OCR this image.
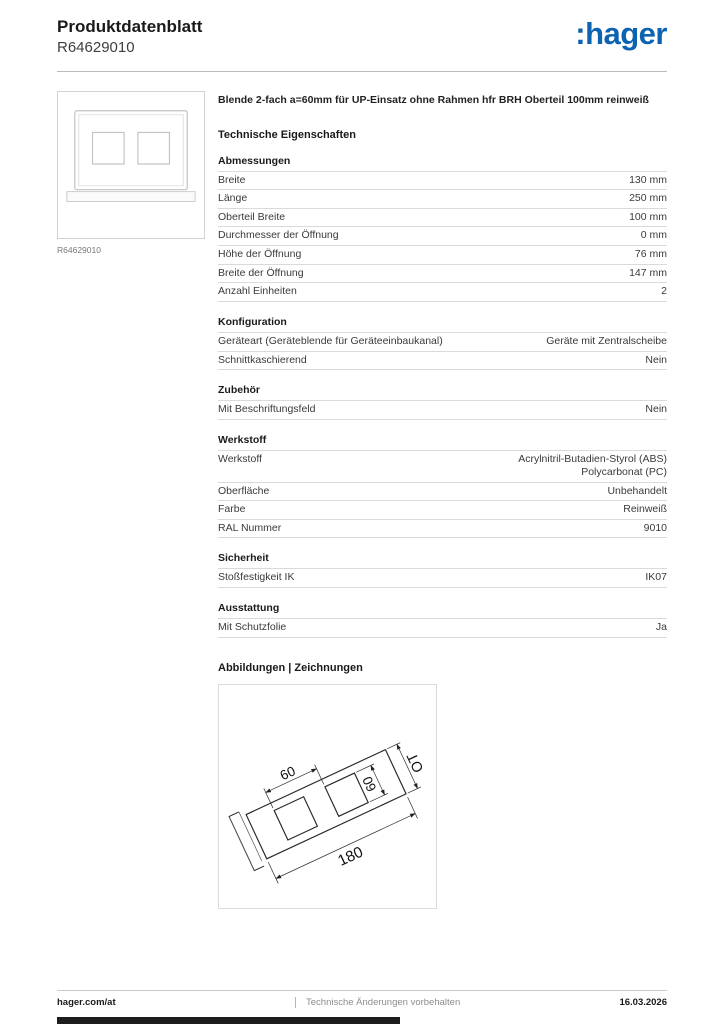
Produktdatenblatt
R64629010	:hager
R64629010
Blende 2-fach a=60mm für UP-Einsatz ohne Rahmen hfr BRH Oberteil 100mm reinweiß
Technische Eigenschaften
Abmessungen
Breite	130 mm
Länge	250 mm
Oberteil Breite	100 mm
Durchmesser der Öffnung	0 mm
Höhe der Öffnung	76 mm
Breite der Öffnung	147 mm
Anzahl Einheiten	2
Konfiguration
Geräteart (Geräteblende für Geräteeinbaukanal)	Geräte mit Zentralscheibe
Schnittkaschierend	Nein
Zubehör
Mit Beschriftungsfeld	Nein
Werkstoff
Werkstoff	Acrylnitril-Butadien-Styrol (ABS)
Polycarbonat (PC)
Oberfläche	Unbehandelt
Farbe	Reinweiß
RAL Nummer	9010
Sicherheit
Stoßfestigkeit IK	IK07
Ausstattung
Mit Schutzfolie	Ja
Abbildungen | Zeichnungen
60
60
OT
180
hager.com/at	Technische Änderungen vorbehalten	16.03.2026
